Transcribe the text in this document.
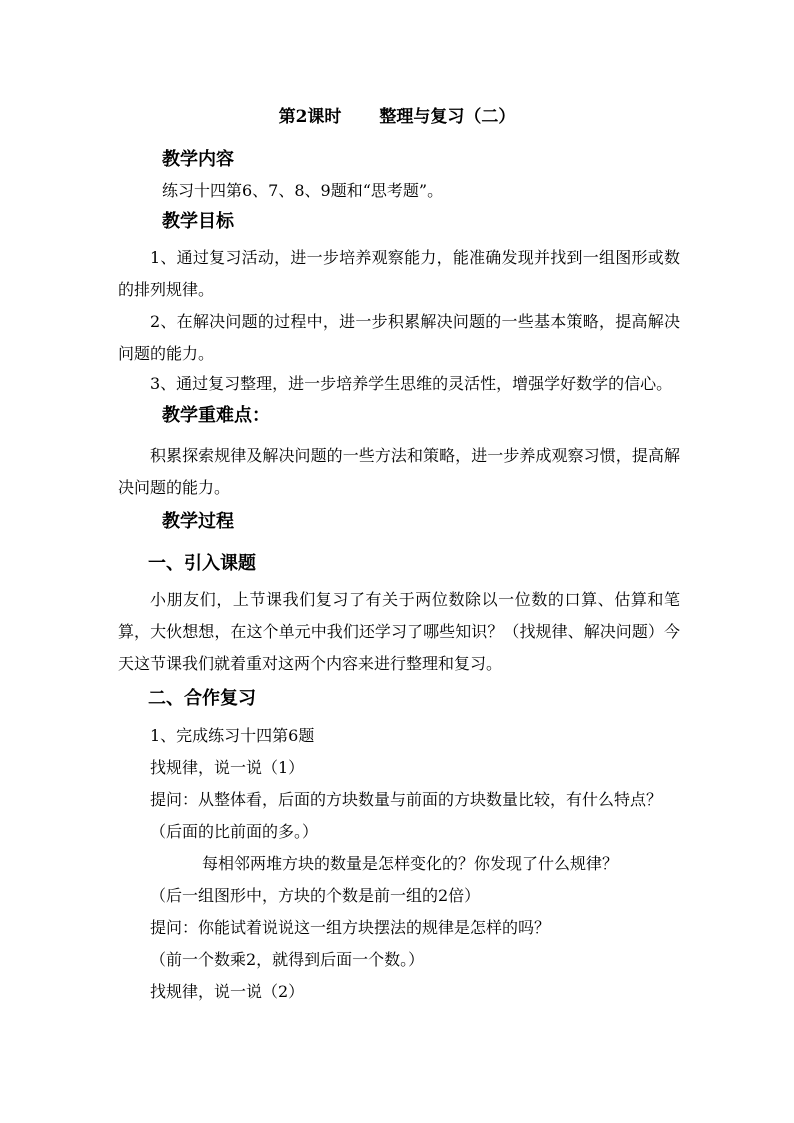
第2课时 整理与复习（二）
教学内容
练习十四第6、7、8、9题和“思考题”。
教学目标
1、通过复习活动，进一步培养观察能力，能准确发现并找到一组图形或数的排列规律。
2、在解决问题的过程中，进一步积累解决问题的一些基本策略，提高解决问题的能力。
3、通过复习整理，进一步培养学生思维的灵活性，增强学好数学的信心。
教学重难点：
积累探索规律及解决问题的一些方法和策略，进一步养成观察习惯，提高解决问题的能力。
教学过程
一、引入课题
小朋友们，上节课我们复习了有关于两位数除以一位数的口算、估算和笔算，大伙想想，在这个单元中我们还学习了哪些知识？（找规律、解决问题）今天这节课我们就着重对这两个内容来进行整理和复习。
二、合作复习
1、完成练习十四第6题
找规律，说一说（1）
提问：从整体看，后面的方块数量与前面的方块数量比较，有什么特点？
（后面的比前面的多。）
每相邻两堆方块的数量是怎样变化的？你发现了什么规律？
（后一组图形中，方块的个数是前一组的2倍）
提问：你能试着说说这一组方块摆法的规律是怎样的吗？
（前一个数乘2，就得到后面一个数。）
找规律，说一说（2）
